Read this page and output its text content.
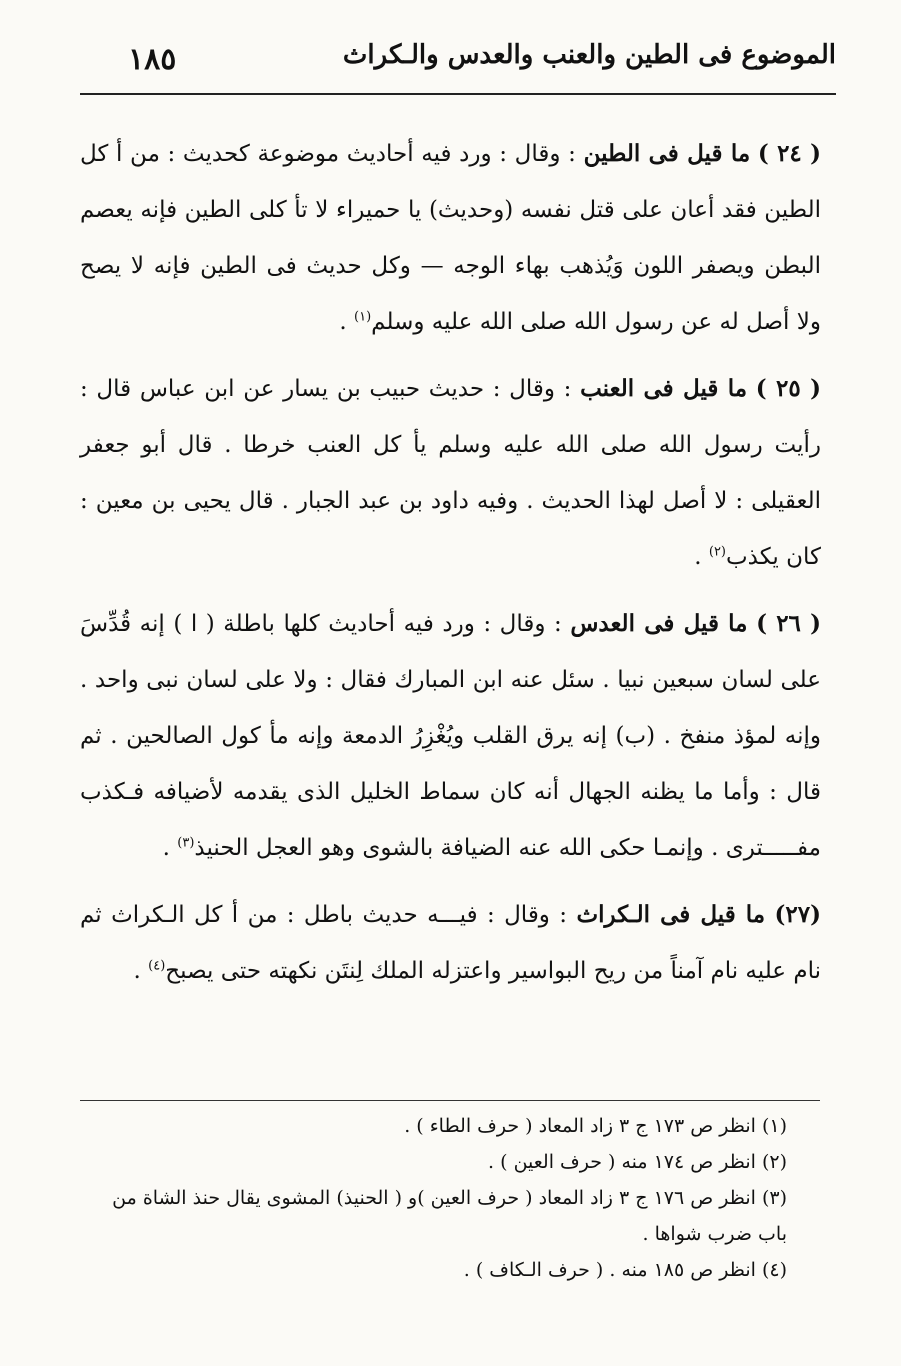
١٨٥	الموضوع فى الطين والعنب والعدس والـكراث

( ٢٤ ) ما قيل فى الطين : وقال : ورد فيه أحاديث موضوعة كحديث : من أ كل الطين فقد أعان على قتل نفسه (وحديث) يا حميراء لا تأ كلى الطين فإنه يعصم البطن ويصفر اللون وَيُذهب بهاء الوجه — وكل حديث فى الطين فإنه لا يصح ولا أصل له عن رسول الله صلى الله عليه وسلم$^{(١)}$ .

( ٢٥ ) ما قيل فى العنب : وقال : حديث حبيب بن يسار عن ابن عباس قال : رأيت رسول الله صلى الله عليه وسلم يأ كل العنب خرطا . قال أبو جعفر العقيلى : لا أصل لهذا الحديث . وفيه داود بن عبد الجبار . قال يحيى بن معين : كان يكذب$^{(٢)}$ .

( ٢٦ ) ما قيل فى العدس : وقال : ورد فيه أحاديث كلها باطلة ( ا ) إنه قُدِّسَ على لسان سبعين نبيا . سئل عنه ابن المبارك فقال : ولا على لسان نبى واحد . وإنه لمؤذ منفخ . (ب) إنه يرق القلب ويُغْزِرُ الدمعة وإنه مأ كول الصالحين . ثم قال : وأما ما يظنه الجهال أنه كان سماط الخليل الذى يقدمه لأضيافه فـكذب مفـــــترى . وإنمـا حكى الله عنه الضيافة بالشوى وهو العجل الحنيذ$^{(٣)}$ .

(٢٧) ما قيل فى الـكراث : وقال : فيـــه حديث باطل : من أ كل الـكراث ثم نام عليه نام آمناً من ريح البواسير واعتزله الملك لِنتَن نكهته حتى يصبح$^{(٤)}$ .

(١) انظر ص ١٧٣ ج ٣ زاد المعاد ( حرف الطاء ) .

(٢) انظر ص ١٧٤ منه ( حرف العين ) .

(٣) انظر ص ١٧٦ ج ٣ زاد المعاد ( حرف العين )و ( الحنيذ) المشوى يقال حنذ الشاة من باب ضرب شواها .

(٤) انظر ص ١٨٥ منه . ( حرف الـكاف ) .
